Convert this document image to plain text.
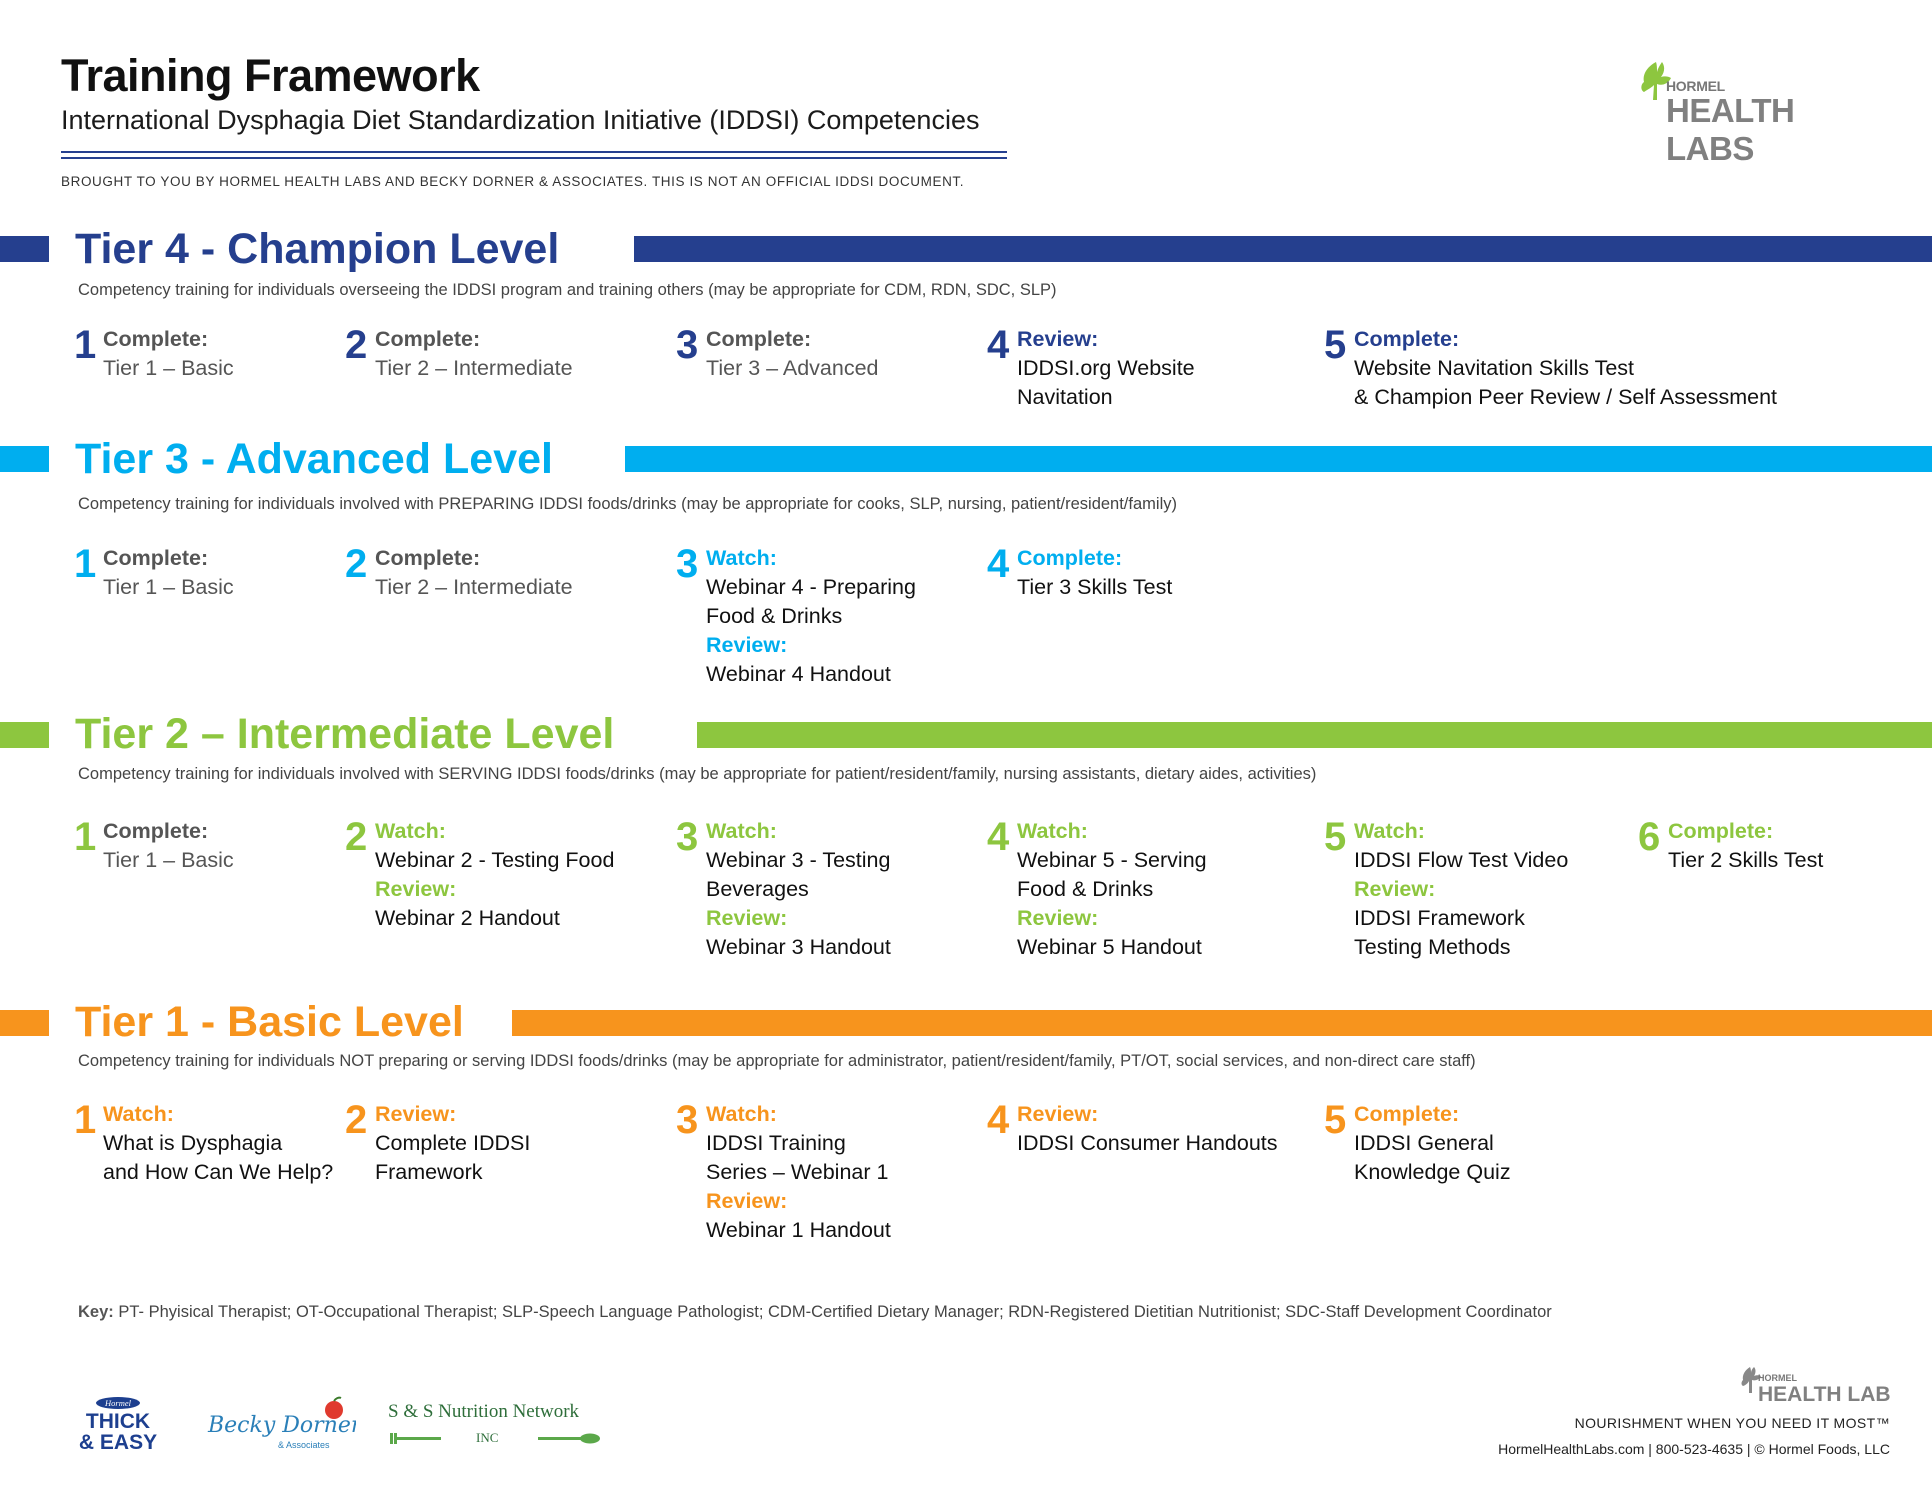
Training Framework
International Dysphagia Diet Standardization Initiative (IDDSI) Competencies
BROUGHT TO YOU BY HORMEL HEALTH LABS AND BECKY DORNER & ASSOCIATES. THIS IS NOT AN OFFICIAL IDDSI DOCUMENT.
HORMEL
HEALTH LABS
Tier 4 - Champion Level
Competency training for individuals overseeing the IDDSI program and training others (may be appropriate for CDM, RDN, SDC, SLP)
1 Complete:
Tier 1 – Basic
2 Complete:
Tier 2 – Intermediate
3 Complete:
Tier 3 – Advanced
4 Review:
IDDSI.org Website
Navitation
5 Complete:
Website Navitation Skills Test
& Champion Peer Review / Self Assessment
Tier 3 - Advanced Level
Competency training for individuals involved with PREPARING IDDSI foods/drinks (may be appropriate for cooks, SLP, nursing, patient/resident/family)
1 Complete:
Tier 1 – Basic
2 Complete:
Tier 2 – Intermediate
3 Watch:
Webinar 4 - Preparing
Food & Drinks
Review:
Webinar 4 Handout
4 Complete:
Tier 3 Skills Test
Tier 2 – Intermediate Level
Competency training for individuals involved with SERVING IDDSI foods/drinks (may be appropriate for patient/resident/family, nursing assistants, dietary aides, activities)
1 Complete:
Tier 1 – Basic
2 Watch:
Webinar 2 - Testing Food
Review:
Webinar 2 Handout
3 Watch:
Webinar 3 - Testing
Beverages
Review:
Webinar 3 Handout
4 Watch:
Webinar 5 - Serving
Food & Drinks
Review:
Webinar 5 Handout
5 Watch:
IDDSI Flow Test Video
Review:
IDDSI Framework
Testing Methods
6 Complete:
Tier 2 Skills Test
Tier 1 - Basic Level
Competency training for individuals NOT preparing or serving IDDSI foods/drinks (may be appropriate for administrator, patient/resident/family, PT/OT, social services, and non-direct care staff)
1 Watch:
What is Dysphagia
and How Can We Help?
2 Review:
Complete IDDSI
Framework
3 Watch:
IDDSI Training
Series – Webinar 1
Review:
Webinar 1 Handout
4 Review:
IDDSI Consumer Handouts
5 Complete:
IDDSI General
Knowledge Quiz
Key: PT- Phyisical Therapist; OT-Occupational Therapist; SLP-Speech Language Pathologist; CDM-Certified Dietary Manager; RDN-Registered Dietitian Nutritionist; SDC-Staff Development Coordinator
Hormel
THICK
& EASY
Becky Dorner
& Associates
S & S Nutrition Network
INC
HORMEL
HEALTH LABS
NOURISHMENT WHEN YOU NEED IT MOST™
HormelHealthLabs.com | 800-523-4635 | © Hormel Foods, LLC
